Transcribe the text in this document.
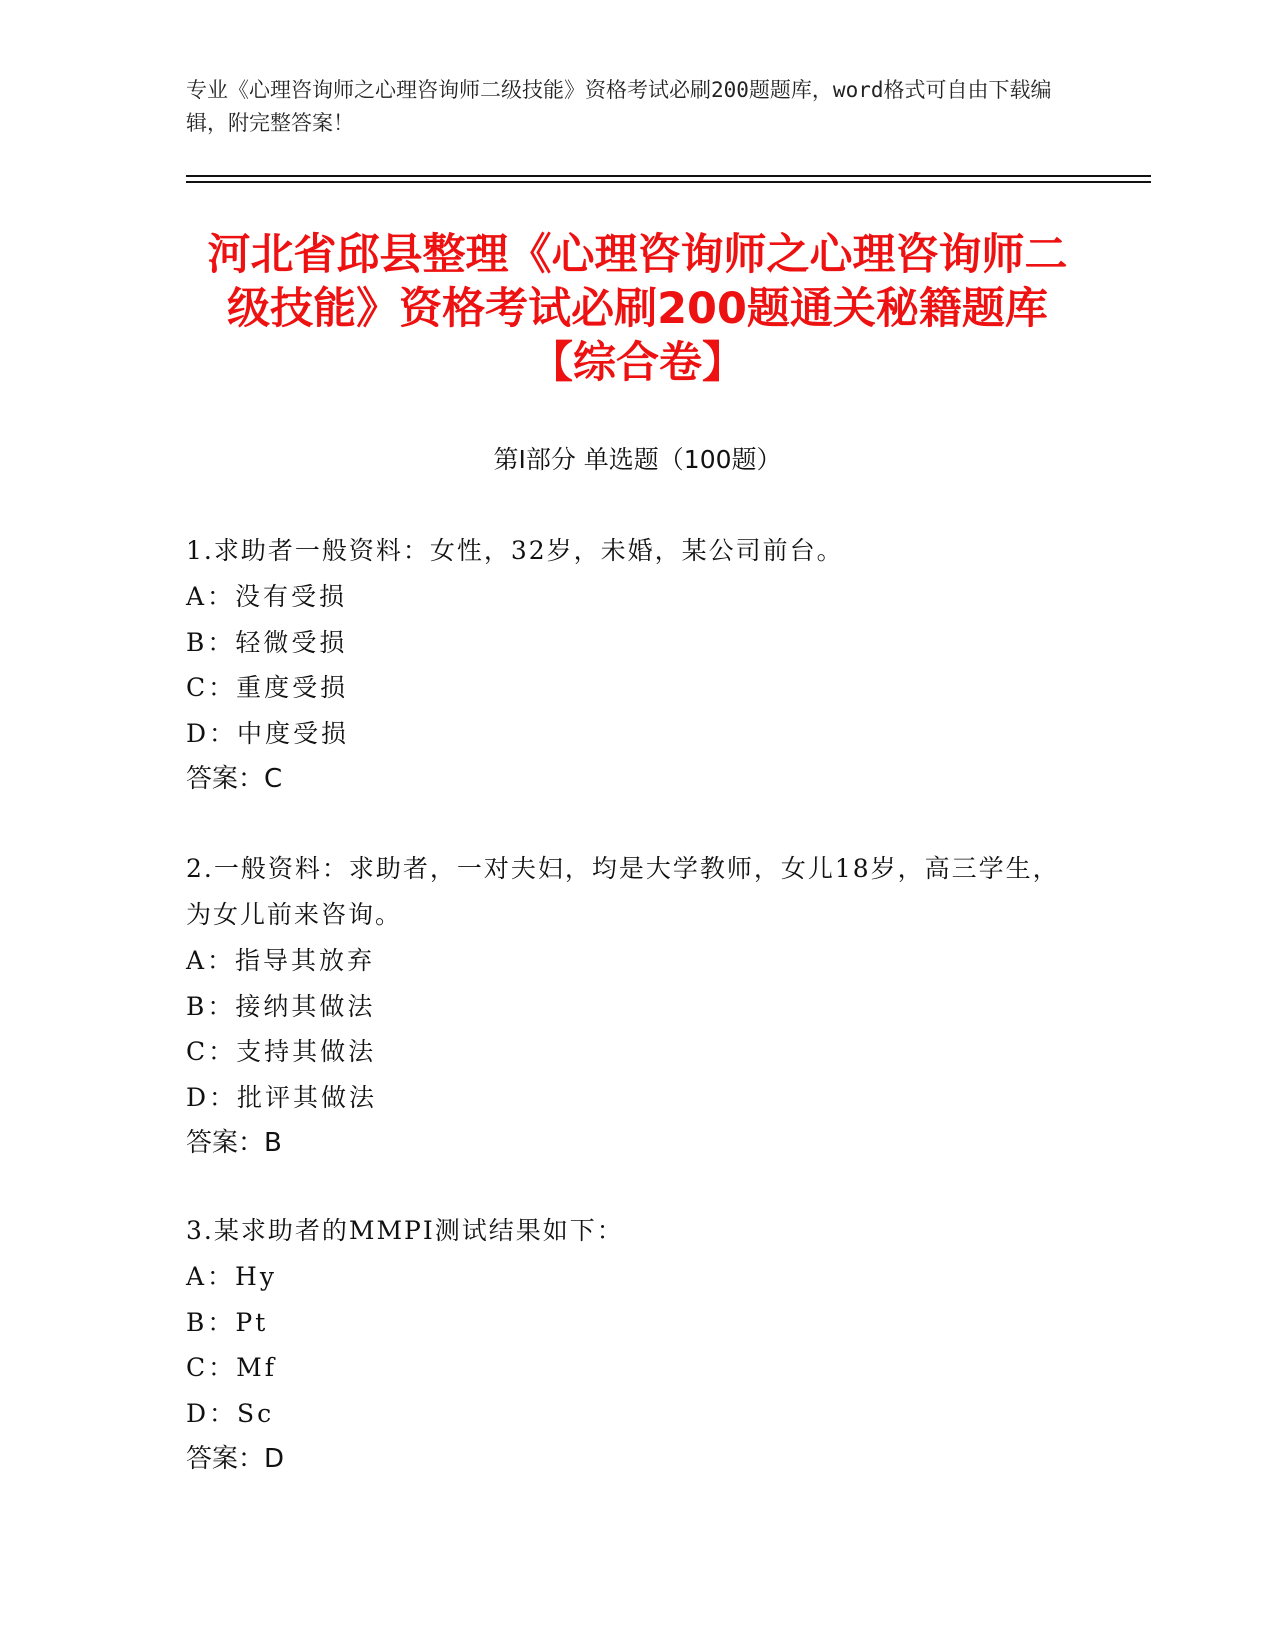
专业《心理咨询师之心理咨询师二级技能》资格考试必刷200题题库，word格式可自由下载编辑，附完整答案！
河北省邱县整理《心理咨询师之心理咨询师二级技能》资格考试必刷200题通关秘籍题库【综合卷】
第Ⅰ部分 单选题（100题）
1.求助者一般资料：女性，32岁，未婚，某公司前台。
A：没有受损
B：轻微受损
C：重度受损
D：中度受损
答案：C
2.一般资料：求助者，一对夫妇，均是大学教师，女儿18岁，高三学生，为女儿前来咨询。
A：指导其放弃
B：接纳其做法
C：支持其做法
D：批评其做法
答案：B
3.某求助者的MMPI测试结果如下：
A：Hy
B：Pt
C：Mf
D：Sc
答案：D
